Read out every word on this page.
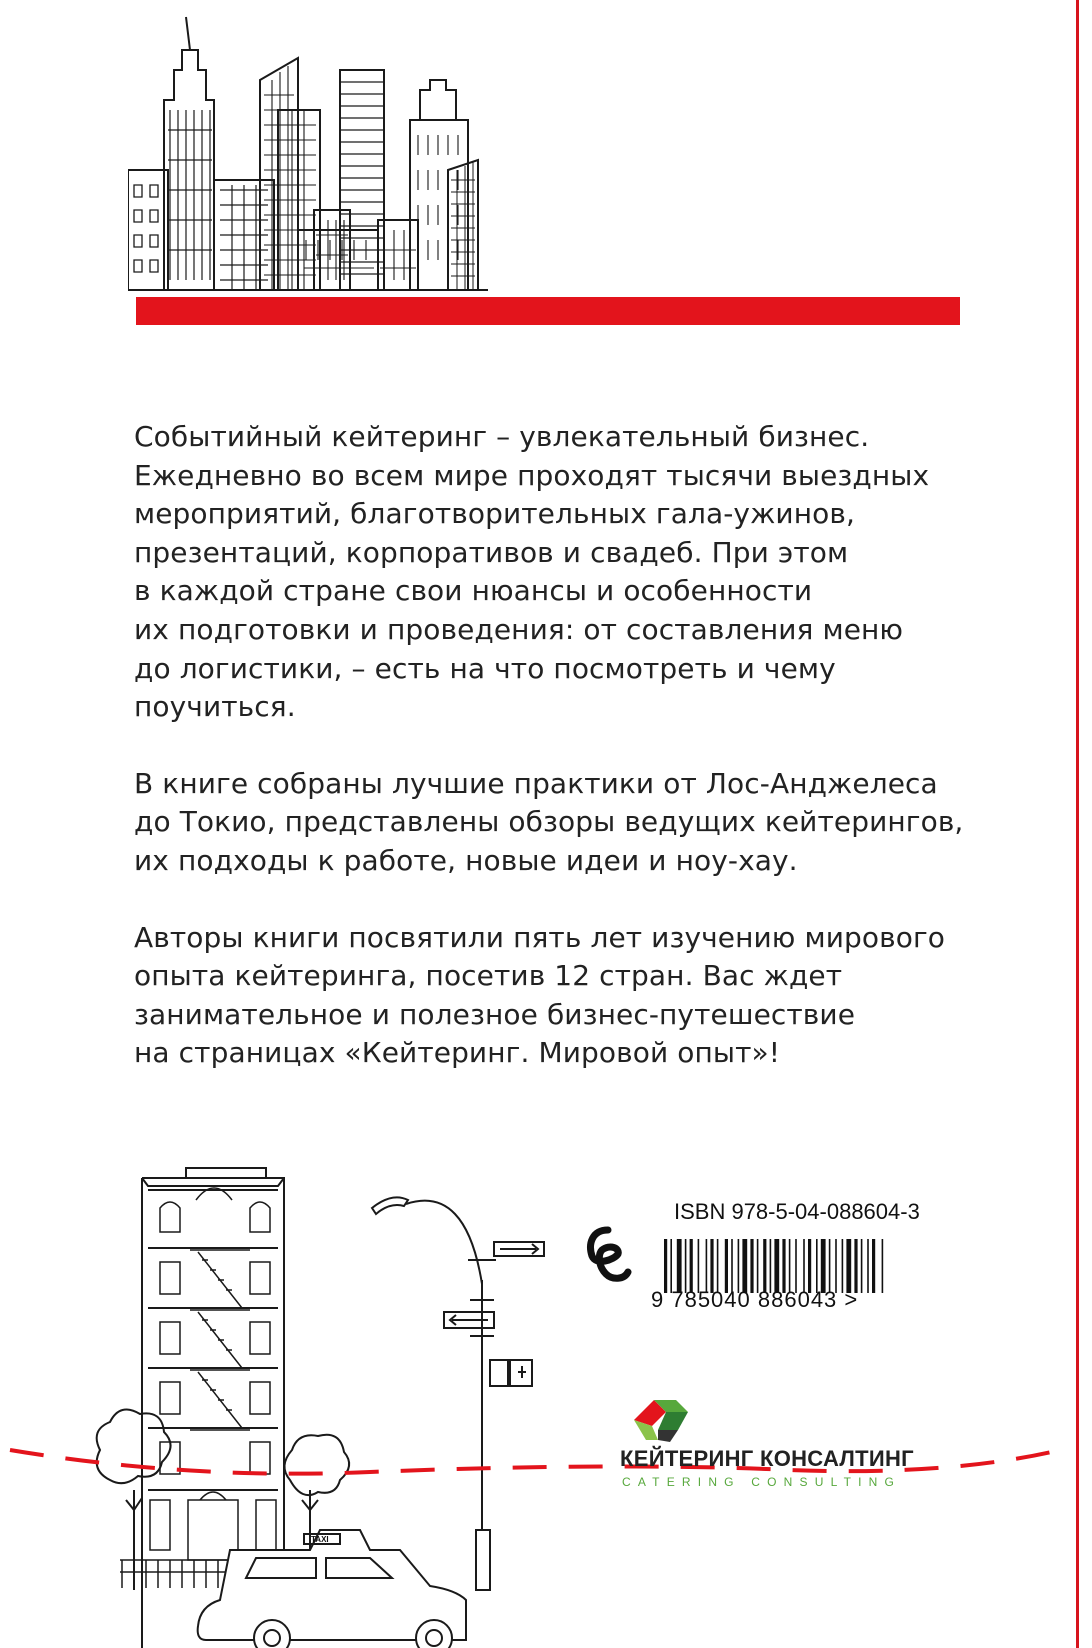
Событийный кейтеринг – увлекательный бизнес.
Ежедневно во всем мире проходят тысячи выездных
мероприятий, благотворительных гала-ужинов,
презентаций, корпоративов и свадеб. При этом
в каждой стране свои нюансы и особенности
их подготовки и проведения: от составления меню
до логистики, – есть на что посмотреть и чему
поучиться.

В книге собраны лучшие практики от Лос-Анджелеса
до Токио, представлены обзоры ведущих кейтерингов,
их подходы к работе, новые идеи и ноу-хау.

Авторы книги посвятили пять лет изучению мирового
опыта кейтеринга, посетив 12 стран. Вас ждет
занимательное и полезное бизнес-путешествие
на страницах «Кейтеринг. Мировой опыт»!

TAXI
ISBN 978-5-04-088604-3
9 785040 886043 >
КЕЙТЕРИНГ КОНСАЛТИНГ
CATERING CONSULTING
